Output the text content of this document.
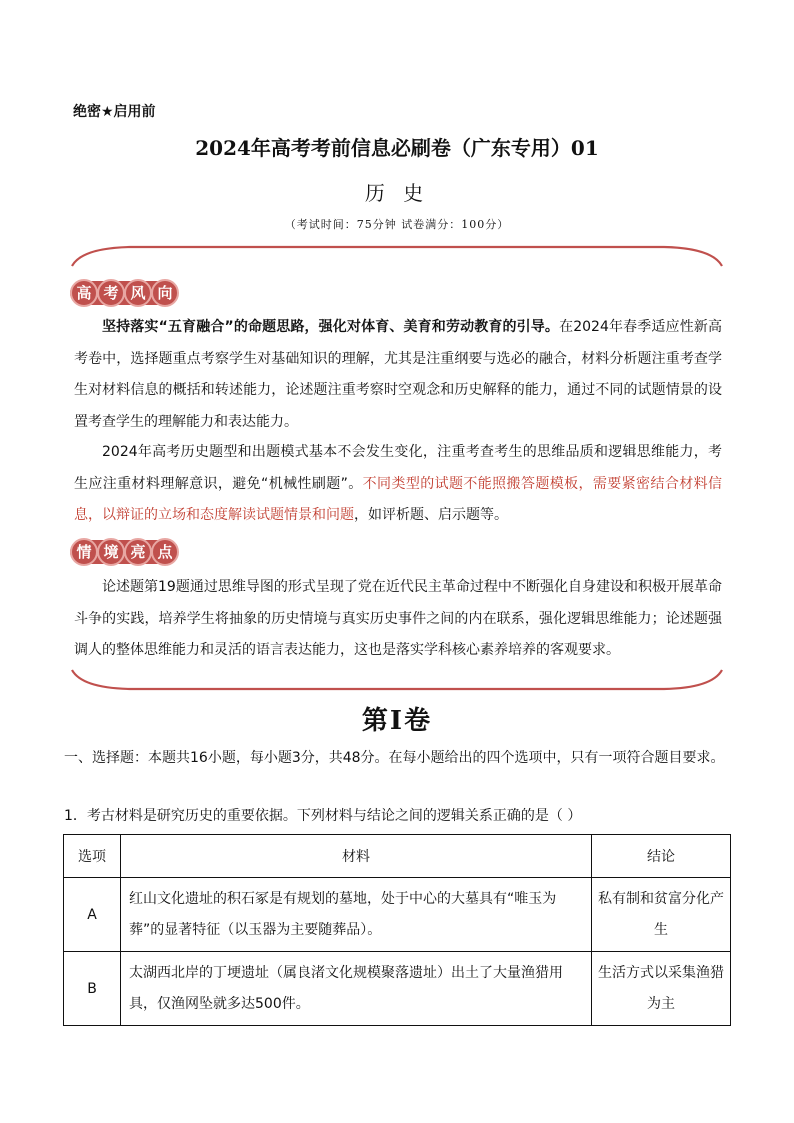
绝密★启用前
2024年高考考前信息必刷卷（广东专用）01
历 史
（考试时间：75分钟 试卷满分：100分）
高 考 风 向

坚持落实“五育融合”的命题思路，强化对体育、美育和劳动教育的引导。在2024年春季适应性新高考卷中，选择题重点考察学生对基础知识的理解，尤其是注重纲要与选必的融合，材料分析题注重考查学生对材料信息的概括和转述能力，论述题注重考察时空观念和历史解释的能力，通过不同的试题情景的设置考查学生的理解能力和表达能力。

2024年高考历史题型和出题模式基本不会发生变化，注重考查考生的思维品质和逻辑思维能力，考生应注重材料理解意识，避免“机械性刷题”。不同类型的试题不能照搬答题模板，需要紧密结合材料信息，以辩证的立场和态度解读试题情景和问题，如评析题、启示题等。

情 境 亮 点

论述题第19题通过思维导图的形式呈现了党在近代民主革命过程中不断强化自身建设和积极开展革命斗争的实践，培养学生将抽象的历史情境与真实历史事件之间的内在联系，强化逻辑思维能力；论述题强调人的整体思维能力和灵活的语言表达能力，这也是落实学科核心素养培养的客观要求。

第Ⅰ卷

一、选择题：本题共16小题，每小题3分，共48分。在每小题给出的四个选项中，只有一项符合题目要求。

1．考古材料是研究历史的重要依据。下列材料与结论之间的逻辑关系正确的是（ ）
选项	材料	结论
A	红山文化遗址的积石冢是有规划的墓地，处于中心的大墓具有“唯玉为葬”的显著特征（以玉器为主要随葬品）。	私有制和贫富分化产生
B	太湖西北岸的丁埂遗址（属良渚文化规模聚落遗址）出土了大量渔猎用具，仅渔网坠就多达500件。	生活方式以采集渔猎为主
